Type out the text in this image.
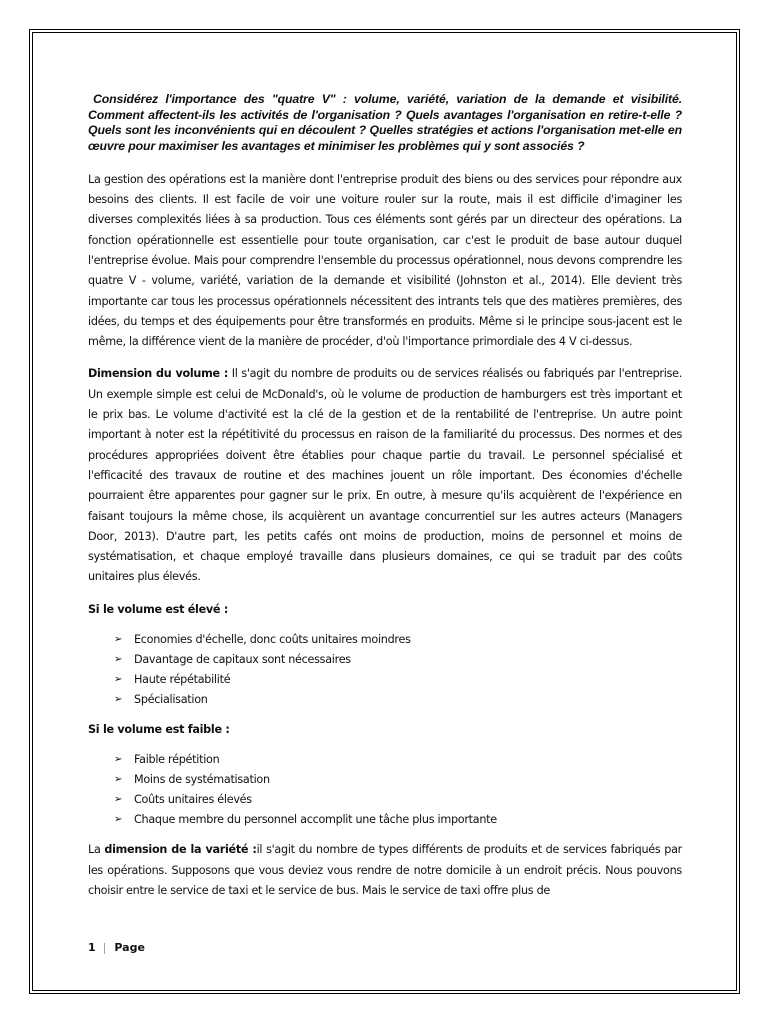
Considérez l'importance des "quatre V" : volume, variété, variation de la demande et visibilité. Comment affectent-ils les activités de l'organisation ? Quels avantages l'organisation en retire-t-elle ? Quels sont les inconvénients qui en découlent ? Quelles stratégies et actions l'organisation met-elle en œuvre pour maximiser les avantages et minimiser les problèmes qui y sont associés ?

La gestion des opérations est la manière dont l'entreprise produit des biens ou des services pour répondre aux besoins des clients. Il est facile de voir une voiture rouler sur la route, mais il est difficile d'imaginer les diverses complexités liées à sa production. Tous ces éléments sont gérés par un directeur des opérations. La fonction opérationnelle est essentielle pour toute organisation, car c'est le produit de base autour duquel l'entreprise évolue. Mais pour comprendre l'ensemble du processus opérationnel, nous devons comprendre les quatre V - volume, variété, variation de la demande et visibilité (Johnston et al., 2014). Elle devient très importante car tous les processus opérationnels nécessitent des intrants tels que des matières premières, des idées, du temps et des équipements pour être transformés en produits. Même si le principe sous-jacent est le même, la différence vient de la manière de procéder, d'où l'importance primordiale des 4 V ci-dessus.

Dimension du volume : Il s'agit du nombre de produits ou de services réalisés ou fabriqués par l'entreprise. Un exemple simple est celui de McDonald's, où le volume de production de hamburgers est très important et le prix bas. Le volume d'activité est la clé de la gestion et de la rentabilité de l'entreprise. Un autre point important à noter est la répétitivité du processus en raison de la familiarité du processus. Des normes et des procédures appropriées doivent être établies pour chaque partie du travail. Le personnel spécialisé et l'efficacité des travaux de routine et des machines jouent un rôle important. Des économies d'échelle pourraient être apparentes pour gagner sur le prix. En outre, à mesure qu'ils acquièrent de l'expérience en faisant toujours la même chose, ils acquièrent un avantage concurrentiel sur les autres acteurs (Managers Door, 2013). D'autre part, les petits cafés ont moins de production, moins de personnel et moins de systématisation, et chaque employé travaille dans plusieurs domaines, ce qui se traduit par des coûts unitaires plus élevés.

Si le volume est élevé :

➢ Economies d'échelle, donc coûts unitaires moindres
➢ Davantage de capitaux sont nécessaires
➢ Haute répétabilité
➢ Spécialisation

Si le volume est faible :

➢ Faible répétition
➢ Moins de systématisation
➢ Coûts unitaires élevés
➢ Chaque membre du personnel accomplit une tâche plus importante

La dimension de la variété :il s'agit du nombre de types différents de produits et de services fabriqués par les opérations. Supposons que vous deviez vous rendre de notre domicile à un endroit précis. Nous pouvons choisir entre le service de taxi et le service de bus. Mais le service de taxi offre plus de

1 | Page
